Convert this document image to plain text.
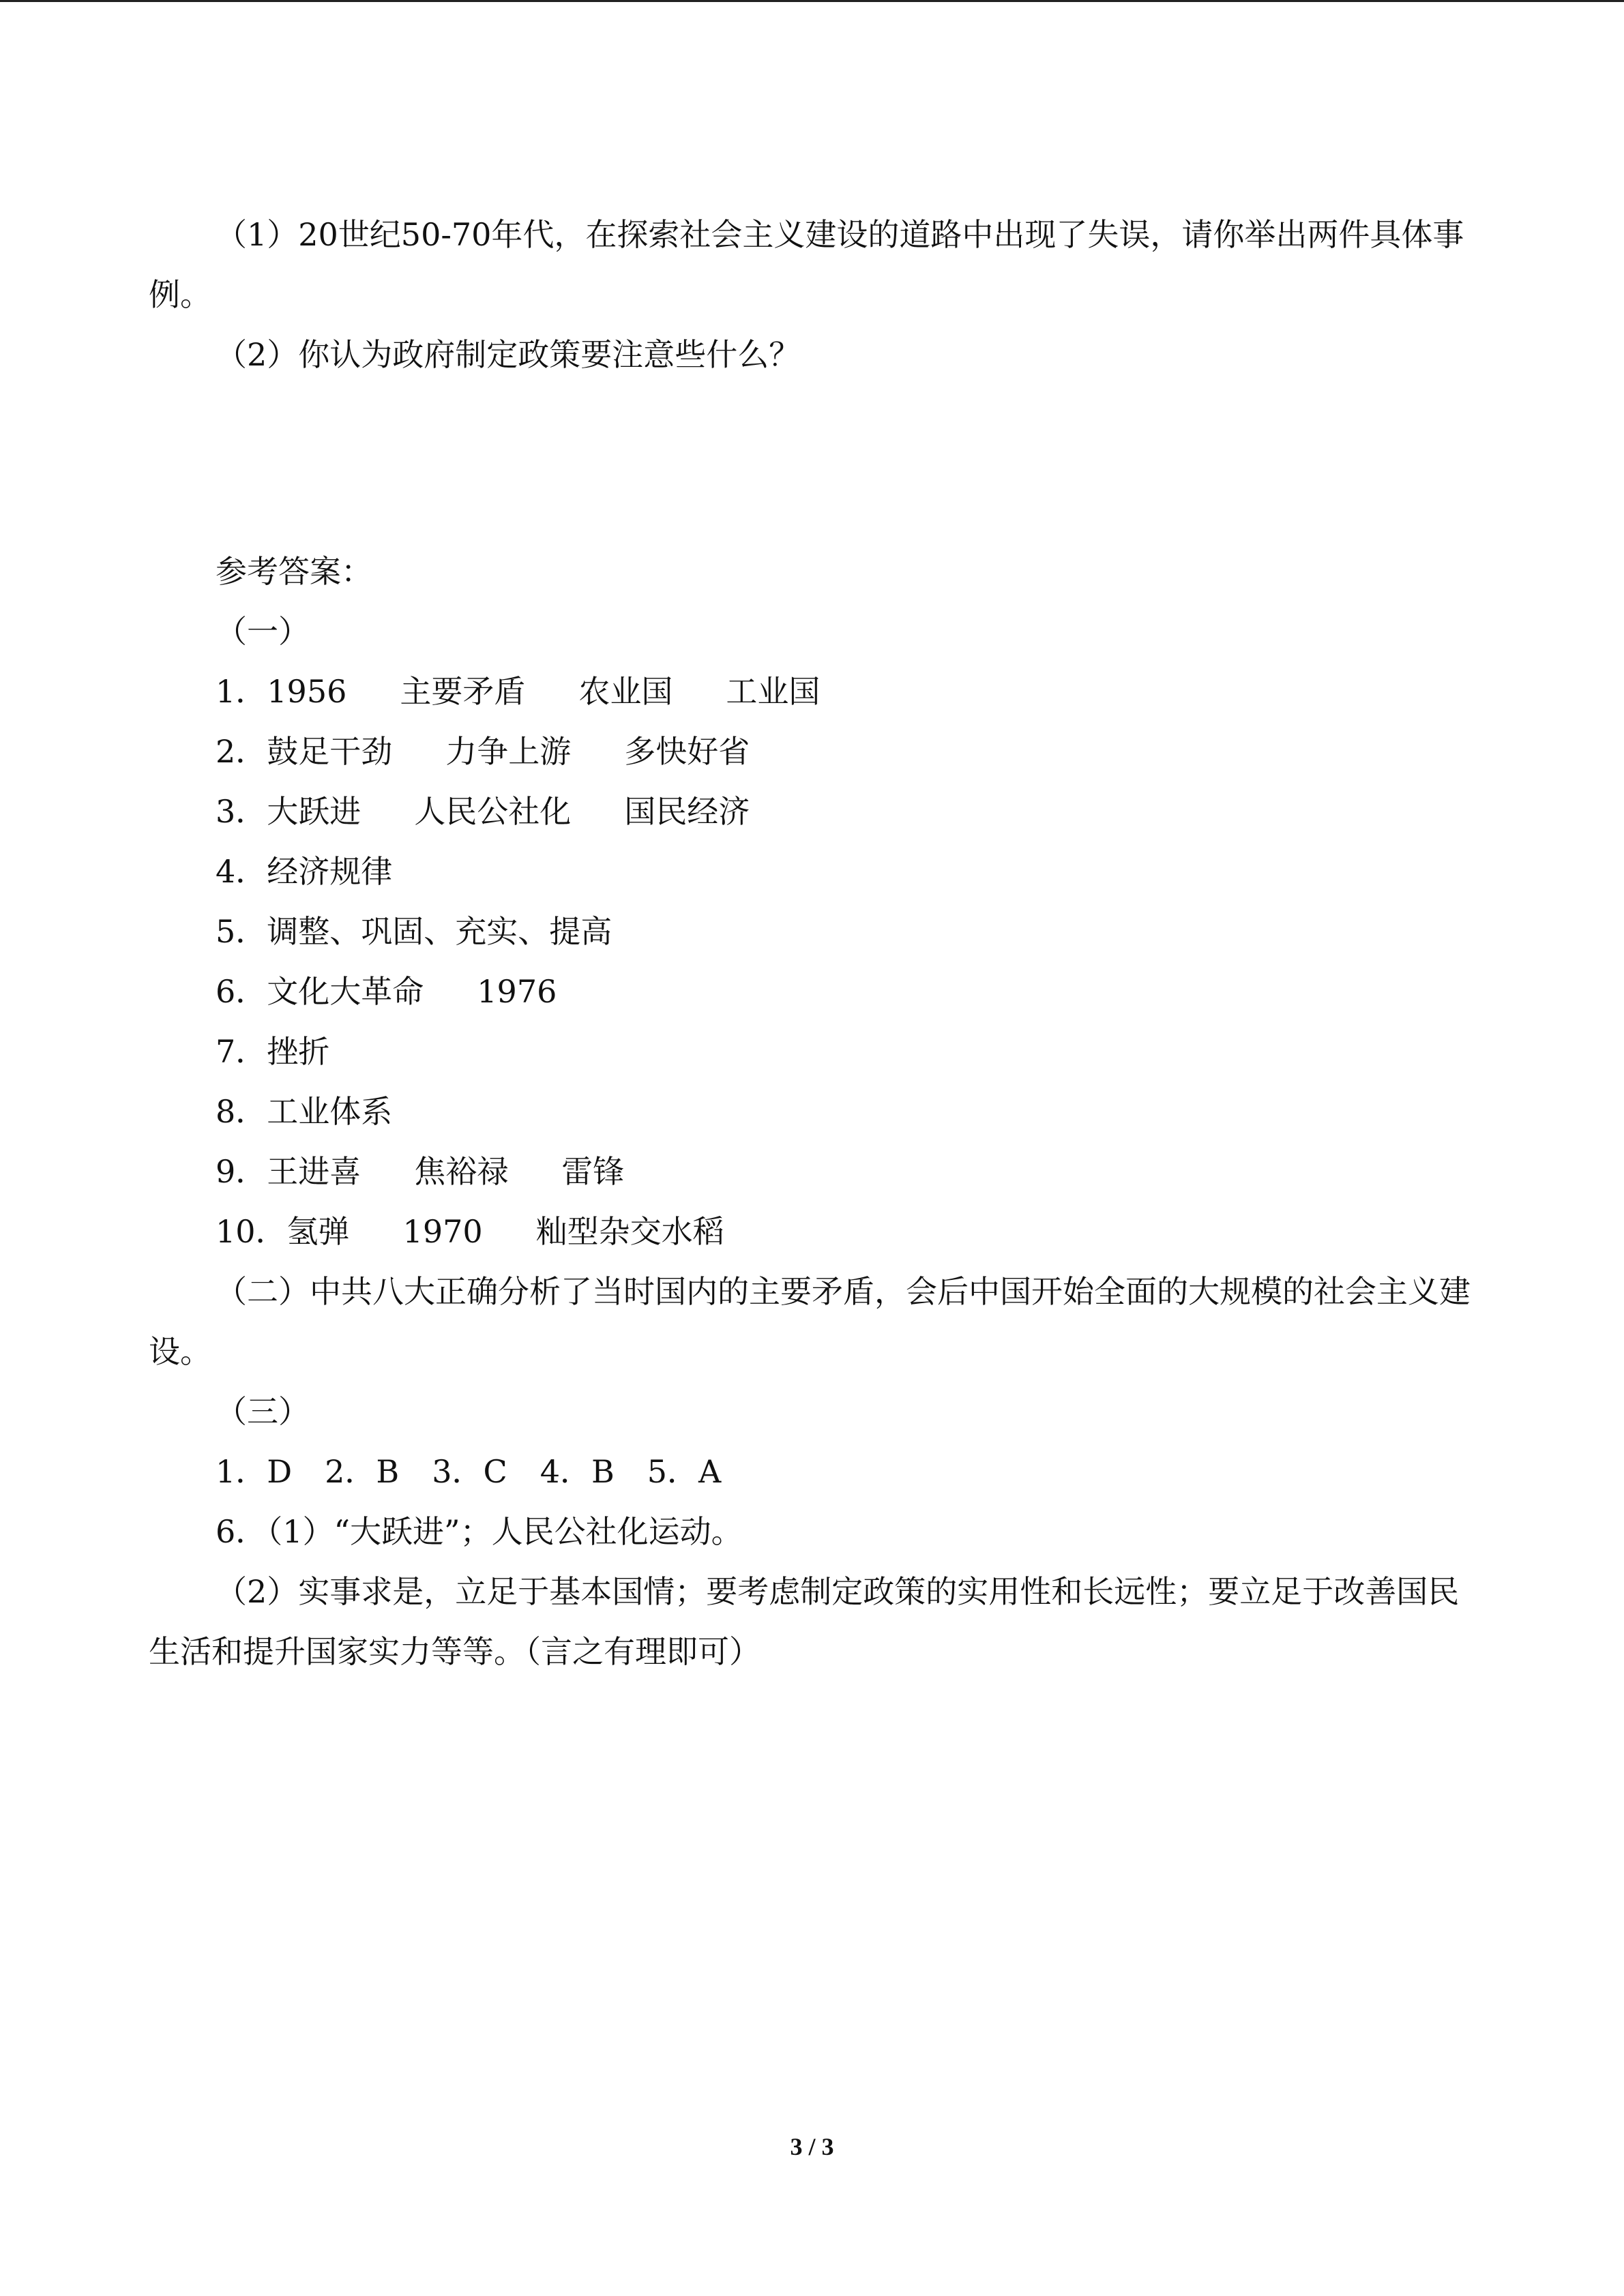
（1）20世纪50-70年代，在探索社会主义建设的道路中出现了失误，请你举出两件具体事例。

（2）你认为政府制定政策要注意些什么？

参考答案：

（一）

1．1956 主要矛盾 农业国 工业国

2．鼓足干劲 力争上游 多快好省

3．大跃进 人民公社化 国民经济

4．经济规律

5．调整、巩固、充实、提高

6．文化大革命 1976

7．挫折

8．工业体系

9．王进喜 焦裕禄 雷锋

10．氢弹 1970 籼型杂交水稻

（二）中共八大正确分析了当时国内的主要矛盾，会后中国开始全面的大规模的社会主义建设。

（三）

1．D 2．B 3．C 4．B 5．A

6．（1）“大跃进”；人民公社化运动。

（2）实事求是，立足于基本国情；要考虑制定政策的实用性和长远性；要立足于改善国民生活和提升国家实力等等。（言之有理即可）

3 / 3
